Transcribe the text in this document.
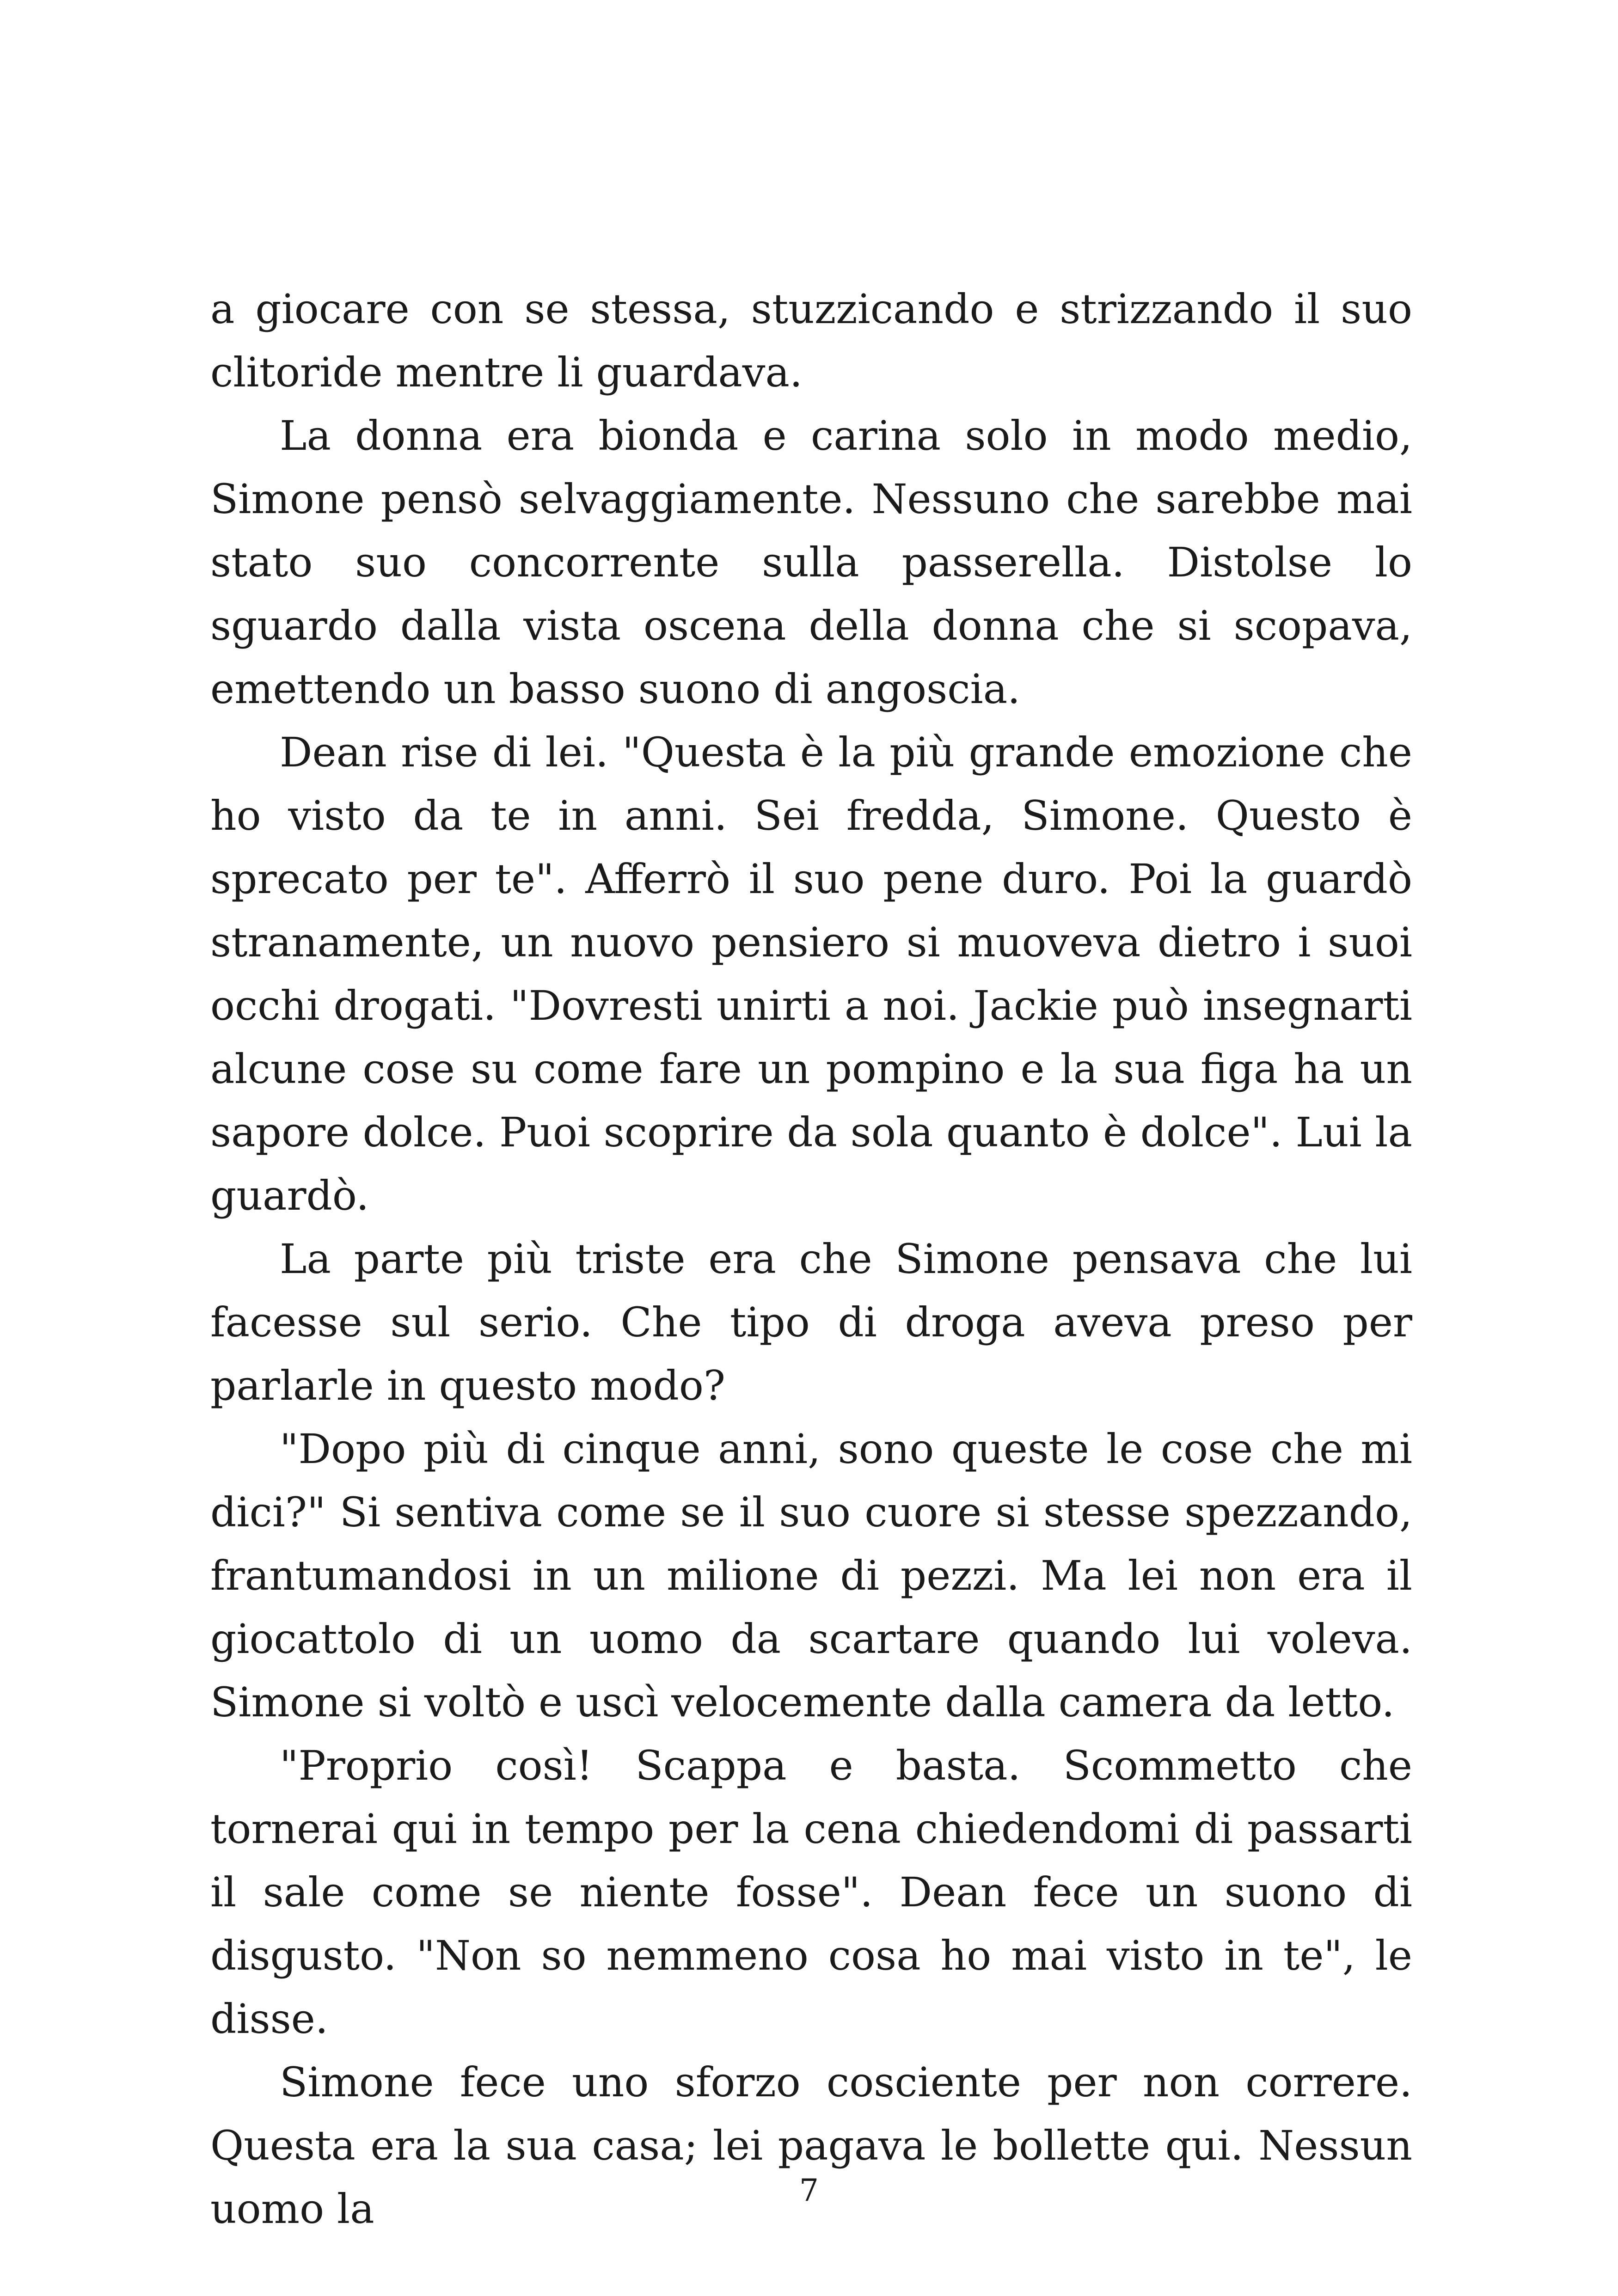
a giocare con se stessa, stuzzicando e strizzando il suo clitoride mentre li guardava.

La donna era bionda e carina solo in modo medio, Simone pensò selvaggiamente. Nessuno che sarebbe mai stato suo concorrente sulla passerella. Distolse lo sguardo dalla vista oscena della donna che si scopava, emettendo un basso suono di angoscia.

Dean rise di lei. "Questa è la più grande emozione che ho visto da te in anni. Sei fredda, Simone. Questo è sprecato per te". Afferrò il suo pene duro. Poi la guardò stranamente, un nuovo pensiero si muoveva dietro i suoi occhi drogati. "Dovresti unirti a noi. Jackie può insegnarti alcune cose su come fare un pompino e la sua figa ha un sapore dolce. Puoi scoprire da sola quanto è dolce". Lui la guardò.

La parte più triste era che Simone pensava che lui facesse sul serio. Che tipo di droga aveva preso per parlarle in questo modo?

"Dopo più di cinque anni, sono queste le cose che mi dici?" Si sentiva come se il suo cuore si stesse spezzando, frantumandosi in un milione di pezzi. Ma lei non era il giocattolo di un uomo da scartare quando lui voleva. Simone si voltò e uscì velocemente dalla camera da letto.

"Proprio così! Scappa e basta. Scommetto che tornerai qui in tempo per la cena chiedendomi di passarti il sale come se niente fosse". Dean fece un suono di disgusto. "Non so nemmeno cosa ho mai visto in te", le disse.

Simone fece uno sforzo cosciente per non correre. Questa era la sua casa; lei pagava le bollette qui. Nessun uomo la	7
